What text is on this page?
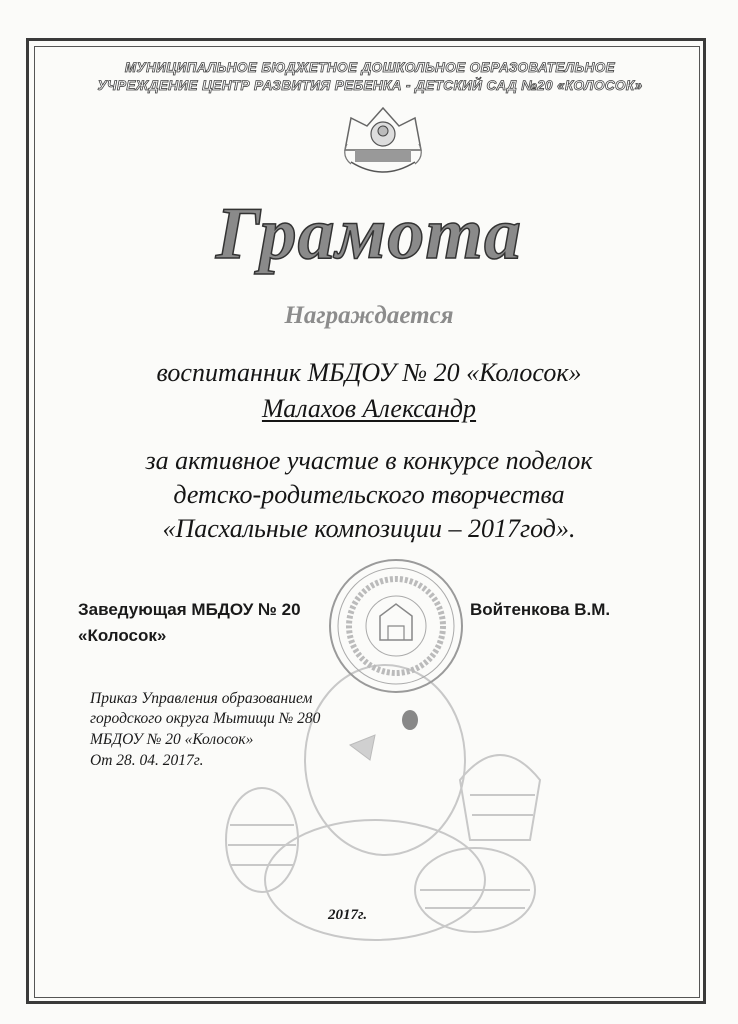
МУНИЦИПАЛЬНОЕ БЮДЖЕТНОЕ ДОШКОЛЬНОЕ ОБРАЗОВАТЕЛЬНОЕ
УЧРЕЖДЕНИЕ ЦЕНТР РАЗВИТИЯ РЕБЕНКА - ДЕТСКИЙ САД №20 «КОЛОСОК»
Грамота
Награждается
воспитанник МБДОУ № 20 «Колосок»
Малахов Александр
за активное участие в конкурсе поделок
детско-родительского творчества
«Пасхальные композиции – 2017год».
Заведующая МБДОУ № 20
«Колосок»
Войтенкова В.М.
Приказ Управления образованием
городского округа Мытищи № 280
МБДОУ № 20 «Колосок»
От 28. 04. 2017г.
2017г.
